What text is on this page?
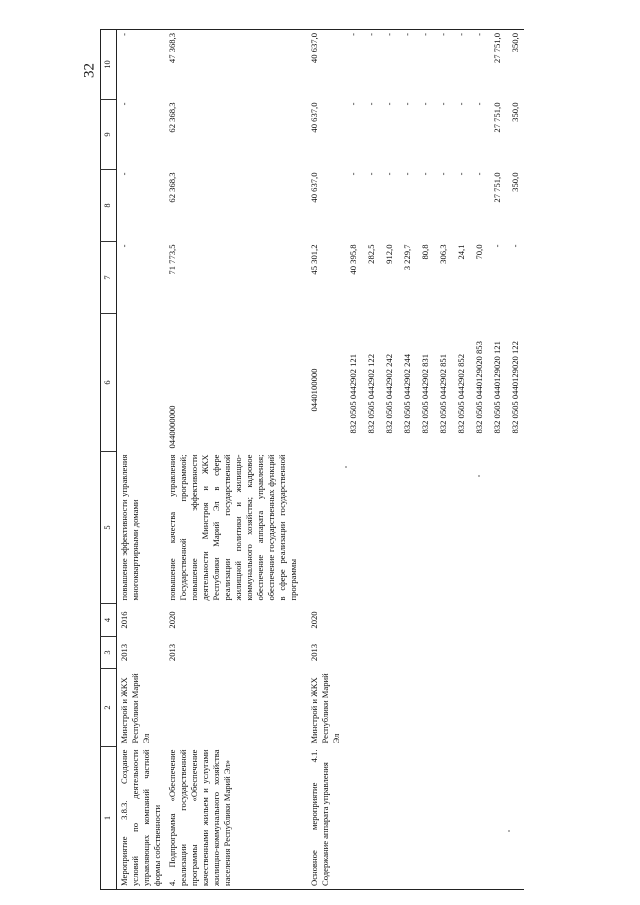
32
1	2	3	4	5	6	7	8	9	10
Мероприятие 3.8.3. Создание условий по деятельности управляющих компаний частной формы собственности	Минстрой и ЖКХ Республики Марий Эл	2013	2016	повышение эффективности управления многоквартирными домами		-	-	-	-
4. Подпрограмма «Обеспечение реализации государственной программы «Обеспечение качественными жильем и услугами жилищно-коммунального хозяйства населения Республики Марий Эл»		2013	2020	повышение качества управления Государственной программой; повышение эффективности деятельности Минстроя и ЖКХ Республики Марий Эл в сфере реализации государственной жилищной политики и жилищно-коммунального хозяйства; кадровое обеспечение аппарата управления; обеспечение государственных функций в сфере реализации государственной программы	0440000000	71 773,5	62 368,3	62 368,3	47 368,3
Основное мероприятие 4.1. Содержание аппарата управления	Минстрой и ЖКХ Республики Марий Эл	2013	2020		0440100000	45 301,2	40 637,0	40 637,0	40 637,0
					832 0505 0442902 121	40 395,8	-	-	-
					832 0505 0442902 122	282,5	-	-	-
					832 0505 0442902 242	912,0	-	-	-
					832 0505 0442902 244	3 229,7	-	-	-
					832 0505 0442902 831	80,8	-	-	-
					832 0505 0442902 851	306,3	-	-	-
					832 0505 0442902 852	24,1	-	-	-
					832 0505 0440129020 853	70,0	-	-	-
					832 0505 0440129020 121	-	27 751,0	27 751,0	27 751,0
					832 0505 0440129020 122	-	350,0	350,0	350,0
